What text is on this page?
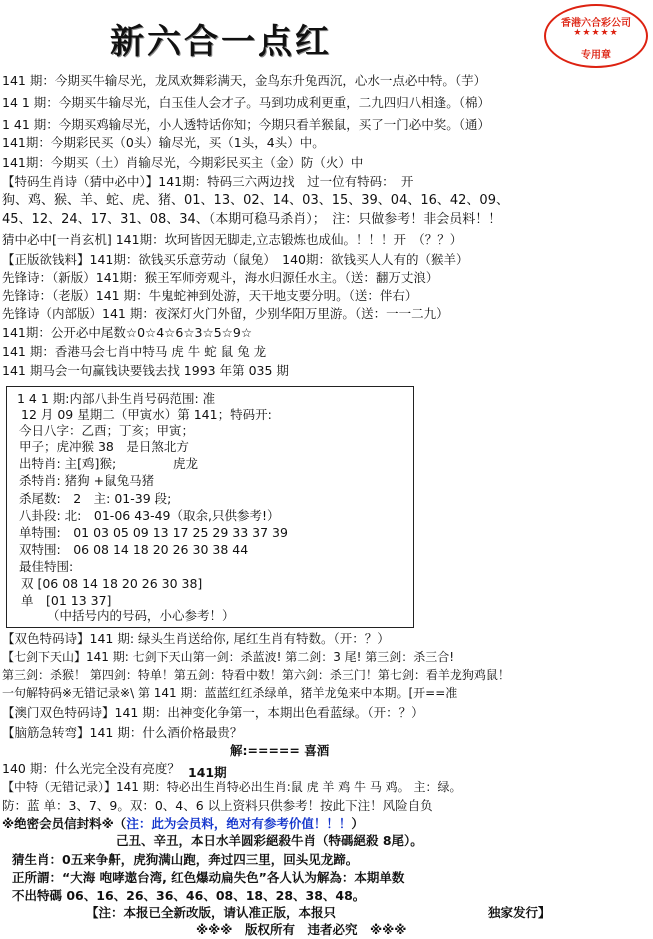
新六合一点红	香港六合彩公司
★★★★★
专用章
141 期：今期买牛输尽光，龙凤欢舞彩满天，金鸟东升兔西沉，心水一点必中特。（芋）
14 1 期：今期买牛输尽光，白玉佳人会才子。马到功成利更重，二九四归八相逢。（棉）
1 41 期：今期买鸡输尽光，小人透特话你知；今期只看羊猴鼠，买了一门必中奖。（通）
141期：今期彩民买（0头）输尽光，买（1头，4头）中。
141期：今期买（土）肖输尽光，今期彩民买主（金）防（火）中
【特码生肖诗（猜中必中）】141期：特码三六两边找　过一位有特码：　开
狗、鸡、猴、羊、蛇、虎、猪、01、13、02、14、03、15、39、04、16、42、09、
45、12、24、17、31、08、34、（本期可稳马杀肖）；　注：只做参考！非会员料！！
猜中必中[一肖玄机] 141期：坎珂皆因无脚走,立志锻炼也成仙。！！！开　（？？）
【正版欲钱料】141期：欲钱买乐意劳动（鼠兔）　140期：欲钱买人人有的（猴羊）
先锋诗：（新版）141期：猴王军师旁观斗，海水归源任水主。（送：翻万丈浪）
先锋诗：（老版）141 期：牛鬼蛇神到处游，天干地支要分明。（送：伴右）
先锋诗（内部版）141 期：夜深灯火门外留，少别华阳万里游。（送：一一二九）
141期：公开必中尾数☆0☆4☆6☆3☆5☆9☆
141 期：香港马会七肖中特马 虎 牛 蛇 鼠 兔 龙
141 期马会一句赢钱诀要钱去找 1993 年第 035 期
1 4 1 期:内部八卦生肖号码范围: 准
12 月 09 星期二（甲寅水）第 141；特码开:
今日八字：乙酉；丁亥；甲寅；
甲子；虎冲猴 38　是日煞北方
出特肖: 主[鸡]猴;	虎龙
杀特肖: 猪狗 +鼠兔马猪
杀尾数:　2　主: 01-39 段;
八卦段: 北:　01-06 43-49（取余,只供参考!）
单特围:　01 03 05 09 13 17 25 29 33 37 39
双特围:　06 08 14 18 20 26 30 38 44
最佳特围:
双 [06 08 14 18 20 26 30 38]
单　[01 13 37]
（中括号内的号码，小心参考！）
【双色特码诗】141 期: 绿头生肖送给你, 尾红生肖有特数。（开：？）
【七剑下天山】141 期: 七剑下天山第一剑：杀蓝波! 第二剑：3 尾! 第三剑：杀三合!
第三剑：杀猴！ 第四剑：特单！第五剑：特看中数！第六剑：杀三门！第七剑：看羊龙狗鸡鼠！
一句解特码※无错记录※\ 第 141 期：蓝蓝红红杀绿单，猪羊龙兔来中本期。[开==准
【澳门双色特码诗】141 期：出神变化争第一，本期出色看蓝绿。（开：？）
【脑筋急转弯】141 期：什么酒价格最贵？
解:===== 喜酒
140 期：什么光完全没有亮度？ 141期
【中特（无错记录）】141 期：特必出生肖特必出生肖:鼠 虎 羊 鸡 牛 马 鸡。 主：绿。
防：蓝 单：3、7、9。双：0、4、6 以上资料只供参考！按此下注！风险自负
※绝密会员信封料※（注：此为会员料，绝对有参考价值！！！）
己丑、辛丑，本日水羊圆彩絕殺牛肖（特碼絕殺 8尾）。
猜生肖：0五来争鼾，虎狗满山跑，奔过四三里，回头见龙蹄。
正所謂：“大海 咆哮遨台湾, 红色爆动扁失色”各人认为解為：本期单数
不出特碼 06、16、26、36、46、08、18、28、38、48。
【注：本报已全新改版，请认准正版，本报只	独家发行】
※※※　版权所有　违者必究　※※※
